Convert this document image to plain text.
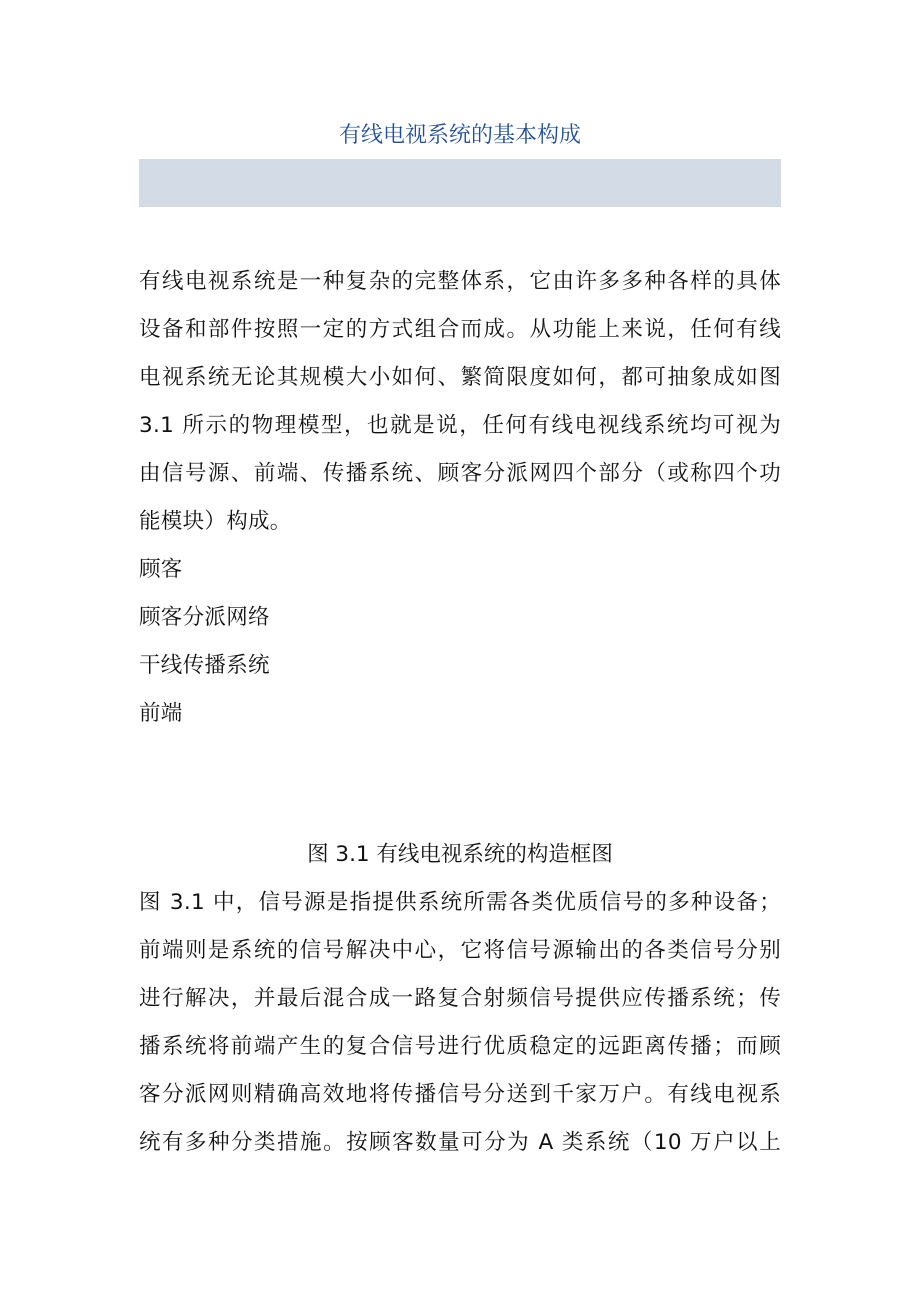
有线电视系统的基本构成
有线电视系统是一种复杂的完整体系，它由许多多种各样的具体
设备和部件按照一定的方式组合而成。从功能上来说，任何有线
电视系统无论其规模大小如何、繁简限度如何，都可抽象成如图
3.1 所示的物理模型，也就是说，任何有线电视线系统均可视为
由信号源、前端、传播系统、顾客分派网四个部分（或称四个功
能模块）构成。
顾客
顾客分派网络
干线传播系统
前端
图 3.1 有线电视系统的构造框图
图 3.1 中，信号源是指提供系统所需各类优质信号的多种设备；
前端则是系统的信号解决中心，它将信号源输出的各类信号分别
进行解决，并最后混合成一路复合射频信号提供应传播系统；传
播系统将前端产生的复合信号进行优质稳定的远距离传播；而顾
客分派网则精确高效地将传播信号分送到千家万户。有线电视系
统有多种分类措施。按顾客数量可分为 A 类系统（10 万户以上
